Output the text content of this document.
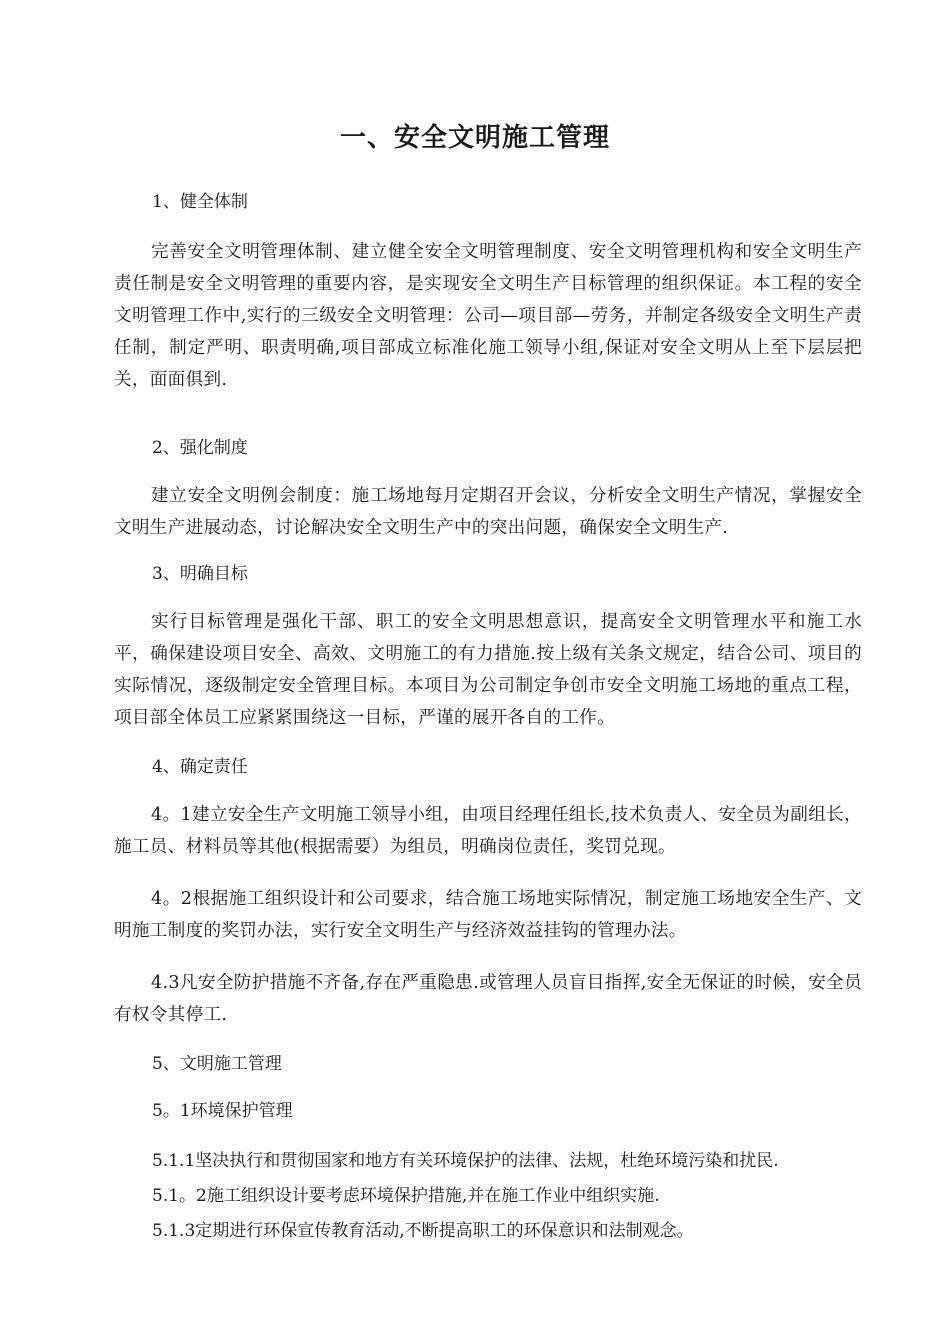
一、安全文明施工管理
1、健全体制
完善安全文明管理体制、建立健全安全文明管理制度、安全文明管理机构和安全文明生产责任制是安全文明管理的重要内容，是实现安全文明生产目标管理的组织保证。本工程的安全文明管理工作中,实行的三级安全文明管理：公司—项目部—劳务，并制定各级安全文明生产责任制，制定严明、职责明确,项目部成立标准化施工领导小组,保证对安全文明从上至下层层把关，面面俱到.
2、强化制度
建立安全文明例会制度：施工场地每月定期召开会议，分析安全文明生产情况，掌握安全文明生产进展动态，讨论解决安全文明生产中的突出问题，确保安全文明生产.
3、明确目标
实行目标管理是强化干部、职工的安全文明思想意识，提高安全文明管理水平和施工水平，确保建设项目安全、高效、文明施工的有力措施.按上级有关条文规定，结合公司、项目的实际情况，逐级制定安全管理目标。本项目为公司制定争创市安全文明施工场地的重点工程，项目部全体员工应紧紧围绕这一目标，严谨的展开各自的工作。
4、确定责任
4。1建立安全生产文明施工领导小组，由项目经理任组长,技术负责人、安全员为副组长，施工员、材料员等其他(根据需要）为组员，明确岗位责任，奖罚兑现。
4。2根据施工组织设计和公司要求，结合施工场地实际情况，制定施工场地安全生产、文明施工制度的奖罚办法，实行安全文明生产与经济效益挂钩的管理办法。
4.3凡安全防护措施不齐备,存在严重隐患.或管理人员盲目指挥,安全无保证的时候，安全员有权令其停工.
5、文明施工管理
5。1环境保护管理
5.1.1坚决执行和贯彻国家和地方有关环境保护的法律、法规，杜绝环境污染和扰民.
5.1。2施工组织设计要考虑环境保护措施,并在施工作业中组织实施.
5.1.3定期进行环保宣传教育活动,不断提高职工的环保意识和法制观念。
